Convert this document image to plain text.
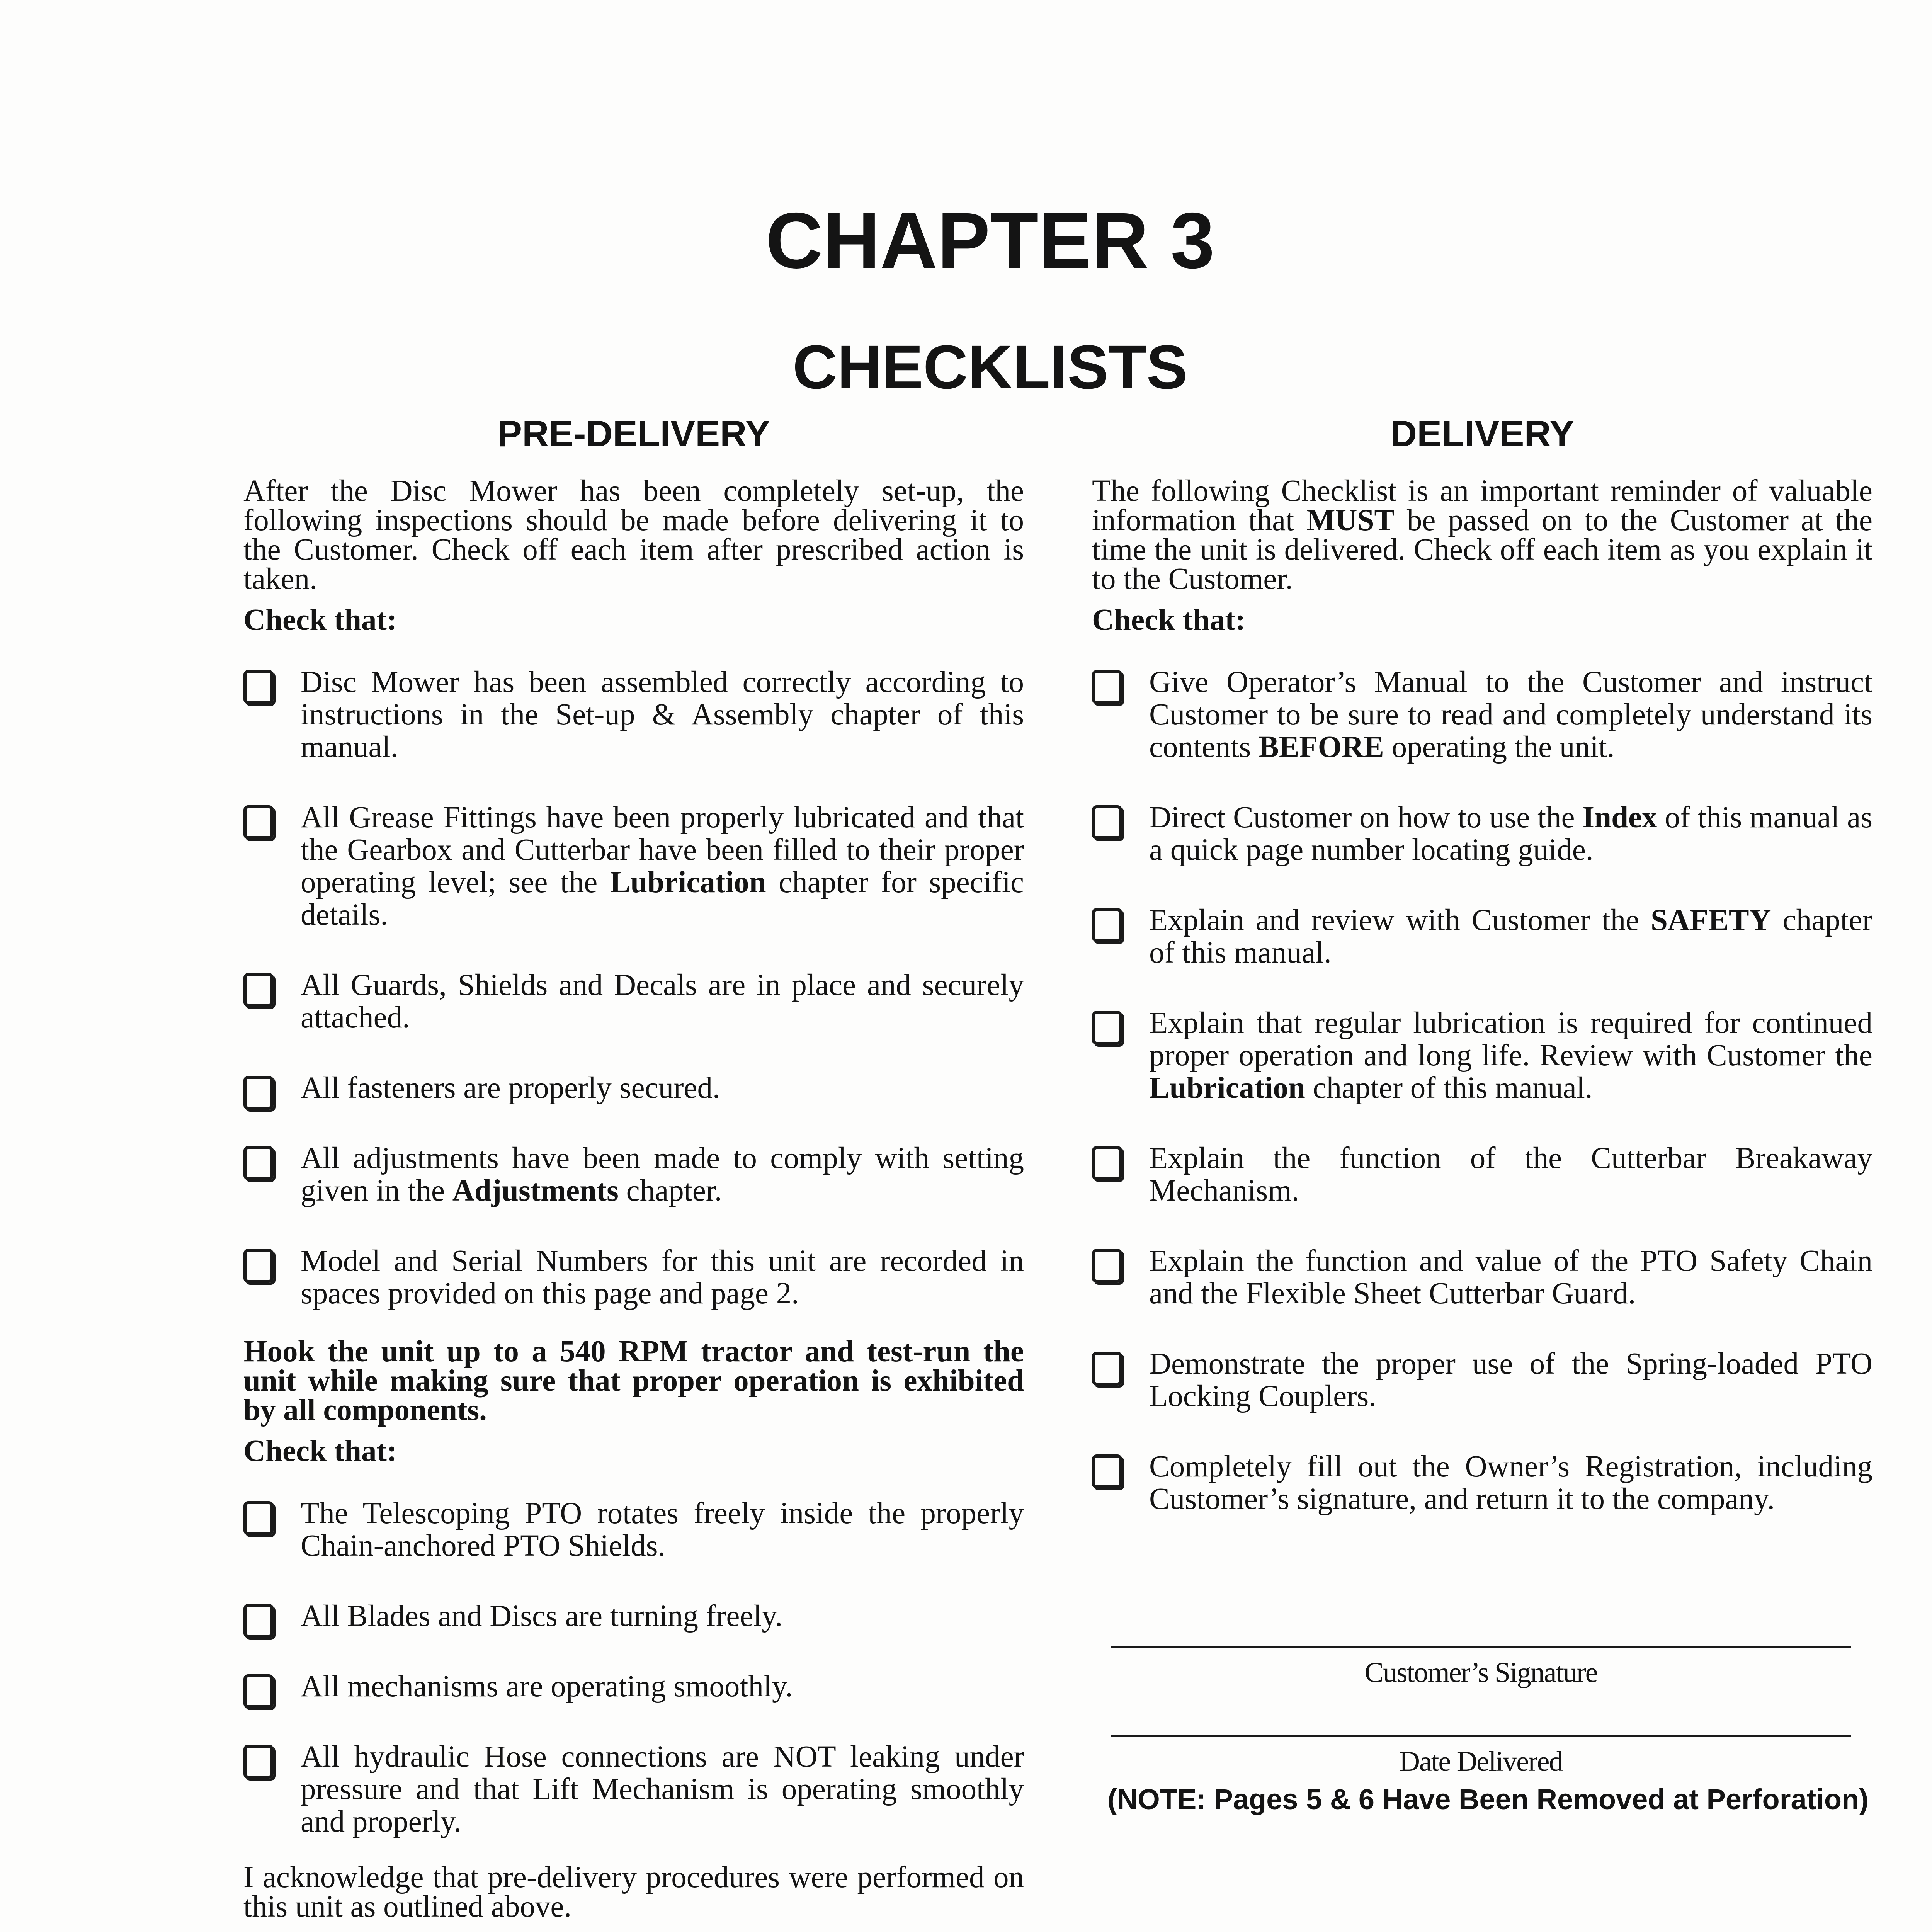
CHAPTER 3
CHECKLISTS
PRE-DELIVERY

After the Disc Mower has been completely set-up, the following inspections should be made before delivering it to the Customer. Check off each item after prescribed action is taken.

Check that:
Disc Mower has been assembled correctly according to instructions in the Set-up & Assembly chapter of this manual.
All Grease Fittings have been properly lubricated and that the Gearbox and Cutterbar have been filled to their proper operating level; see the Lubrication chapter for specific details.
All Guards, Shields and Decals are in place and securely attached.
All fasteners are properly secured.
All adjustments have been made to comply with setting given in the Adjustments chapter.
Model and Serial Numbers for this unit are recorded in spaces provided on this page and page 2.

Hook the unit up to a 540 RPM tractor and test-run the unit while making sure that proper operation is exhibited by all components.

Check that:
The Telescoping PTO rotates freely inside the properly Chain-anchored PTO Shields.
All Blades and Discs are turning freely.
All mechanisms are operating smoothly.
All hydraulic Hose connections are NOT leaking under pressure and that Lift Mechanism is operating smoothly and properly.

I acknowledge that pre-delivery procedures were performed on this unit as outlined above.

DELIVERY

The following Checklist is an important reminder of valuable information that MUST be passed on to the Customer at the time the unit is delivered. Check off each item as you explain it to the Customer.

Check that:
Give Operator’s Manual to the Customer and instruct Customer to be sure to read and completely understand its contents BEFORE operating the unit.
Direct Customer on how to use the Index of this manual as a quick page number locating guide.
Explain and review with Customer the SAFETY chapter of this manual.
Explain that regular lubrication is required for continued proper operation and long life. Review with Customer the Lubrication chapter of this manual.
Explain the function of the Cutterbar Breakaway Mechanism.
Explain the function and value of the PTO Safety Chain and the Flexible Sheet Cutterbar Guard.
Demonstrate the proper use of the Spring-loaded PTO Locking Couplers.
Completely fill out the Owner’s Registration, including Customer’s signature, and return it to the company.
Customer’s Signature
Date Delivered
(NOTE: Pages 5 & 6 Have Been Removed at Perforation)
